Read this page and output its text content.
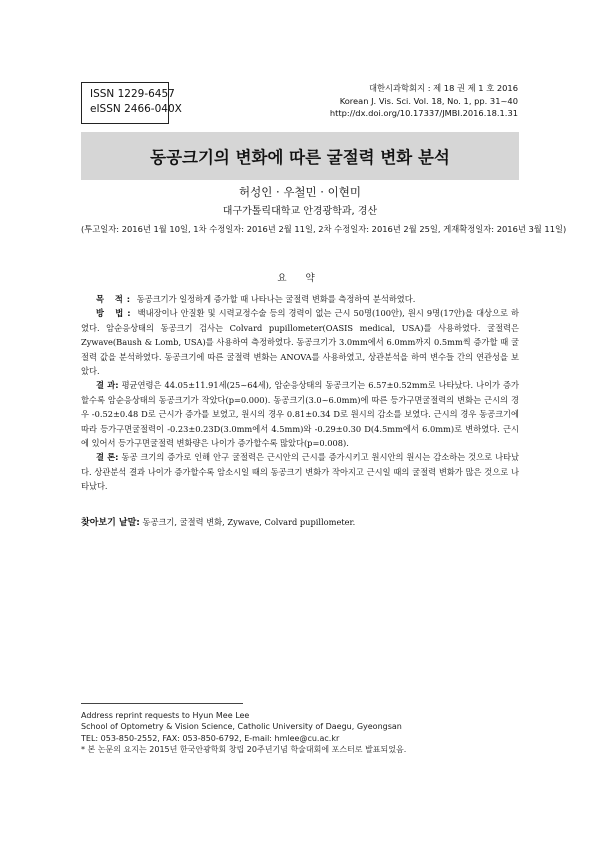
ISSN 1229-6457
eISSN 2466-040X
대한시과학회지 : 제 18 권 제 1 호 2016
Korean J. Vis. Sci. Vol. 18, No. 1, pp. 31~40
http://dx.doi.org/10.17337/JMBI.2016.18.1.31
동공크기의 변화에 따른 굴절력 변화 분석
허성인 · 우철민 · 이현미
대구가톨릭대학교 안경광학과, 경산
(투고일자: 2016년 1월 10일, 1차 수정일자: 2016년 2월 11일, 2차 수정일자: 2016년 2월 25일, 게재확정일자: 2016년 3월 11일)
요 약

목 적: 동공크기가 일정하게 증가할 때 나타나는 굴절력 변화를 측정하여 분석하였다.

방 법: 백내장이나 안질환 및 시력교정수술 등의 경력이 없는 근시 50명(100안), 원시 9명(17안)을 대상으로 하였다. 암순응상태의 동공크기 검사는 Colvard pupillometer(OASIS medical, USA)를 사용하였다. 굴절력은 Zywave(Baush & Lomb, USA)를 사용하여 측정하였다. 동공크기가 3.0mm에서 6.0mm까지 0.5mm씩 증가할 때 굴절력 값을 분석하였다. 동공크기에 따른 굴절력 변화는 ANOVA를 사용하였고, 상관분석을 하여 변수들 간의 연관성을 보았다.

결 과: 평균연령은 44.05±11.91세(25~64세), 암순응상태의 동공크기는 6.57±0.52mm로 나타났다. 나이가 증가할수록 암순응상태의 동공크기가 작았다(p=0.000). 동공크기(3.0~6.0mm)에 따른 등가구면굴절력의 변화는 근시의 경우 -0.52±0.48 D로 근시가 증가를 보였고, 원시의 경우 0.81±0.34 D로 원시의 감소를 보였다. 근시의 경우 동공크기에 따라 등가구면굴절력이 -0.23±0.23D(3.0mm에서 4.5mm)와 -0.29±0.30 D(4.5mm에서 6.0mm)로 변하였다. 근시에 있어서 등가구면굴절력 변화량은 나이가 증가할수록 많았다(p=0.008).

결 론: 동공 크기의 증가로 인해 안구 굴절력은 근시안의 근시를 증가시키고 원시안의 원시는 감소하는 것으로 나타났다. 상관분석 결과 나이가 증가할수록 암소시일 때의 동공크기 변화가 작아지고 근시일 때의 굴절력 변화가 많은 것으로 나타났다.

찾아보기 낱말: 동공크기, 굴절력 변화, Zywave, Colvard pupillometer.
Address reprint requests to Hyun Mee Lee
School of Optometry & Vision Science, Catholic University of Daegu, Gyeongsan
TEL: 053-850-2552, FAX: 053-850-6792, E-mail: hmlee@cu.ac.kr
* 본 논문의 요지는 2015년 한국안광학회 창립 20주년기념 학술대회에 포스터로 발표되었음.
